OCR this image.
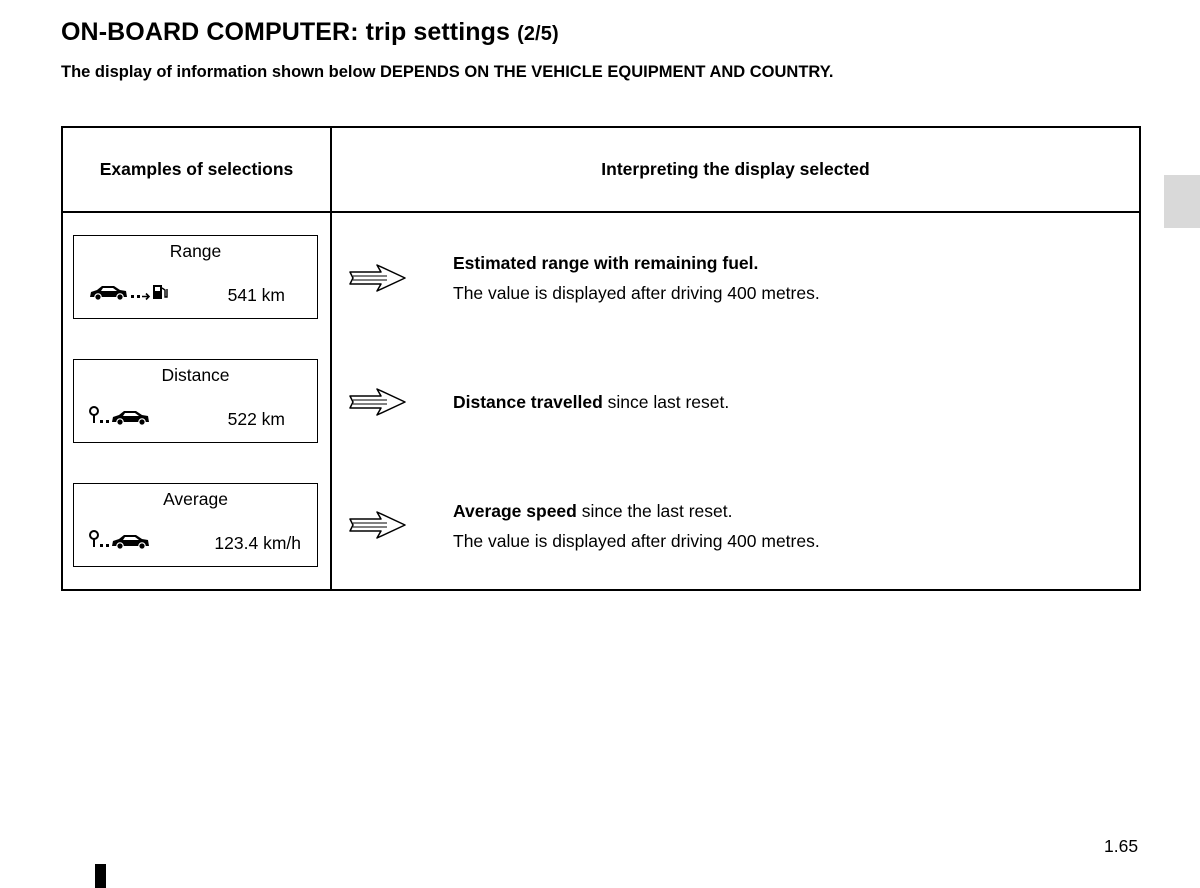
ON-BOARD COMPUTER: trip settings (2/5)
The display of information shown below DEPENDS ON THE VEHICLE EQUIPMENT AND COUNTRY.
Examples of selections	Interpreting the display selected
Range
541 km
Estimated range with remaining fuel.
The value is displayed after driving 400 metres.
Distance
522 km
Distance travelled since last reset.
Average
123.4 km/h
Average speed since the last reset.
The value is displayed after driving 400 metres.
1.65
